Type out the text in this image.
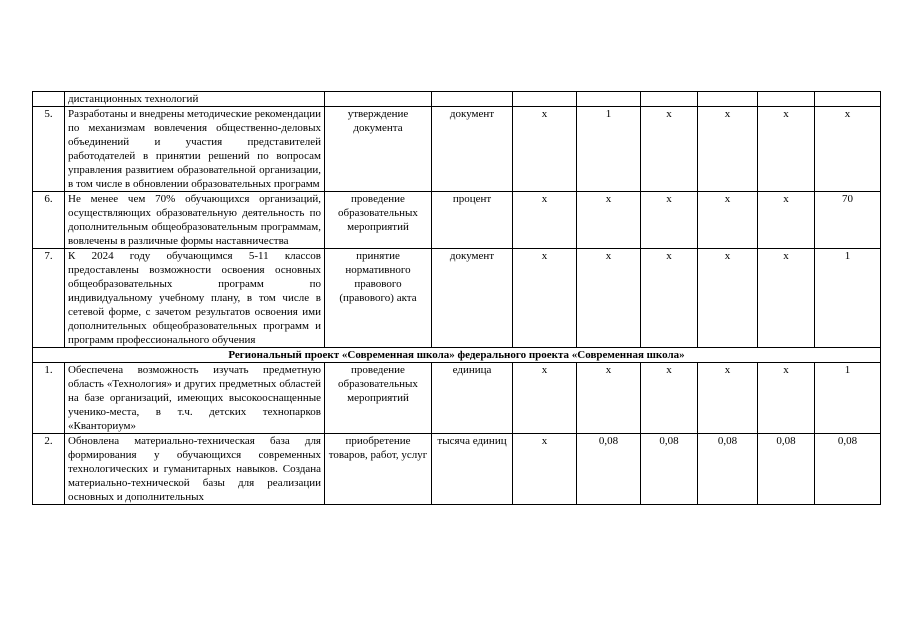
	дистанционных технологий								
5.	Разработаны и внедрены методические рекомендации по механизмам вовлечения общественно-деловых объединений и участия представителей работодателей в принятии решений по вопросам управления развитием образовательной организации, в том числе в обновлении образовательных программ	утверждение документа	документ	x	1	x	x	x	x
6.	Не менее чем 70% обучающихся организаций, осуществляющих образовательную деятельность по дополнительным общеобразовательным программам, вовлечены в различные формы наставничества	проведение образовательных мероприятий	процент	x	x	x	x	x	70
7.	К 2024 году обучающимся 5-11 классов предоставлены возможности освоения основных общеобразовательных программ по индивидуальному учебному плану, в том числе в сетевой форме, с зачетом результатов освоения ими дополнительных общеобразовательных программ и программ профессионального обучения	принятие нормативного правового (правового) акта	документ	x	x	x	x	x	1
Региональный проект «Современная школа» федерального проекта «Современная школа»									
1.	Обеспечена возможность изучать предметную область «Технология» и других предметных областей на базе организаций, имеющих высокооснащенные ученико-места, в т.ч. детских технопарков «Кванториум»	проведение образовательных мероприятий	единица	x	x	x	x	x	1
2.	Обновлена материально-техническая база для формирования у обучающихся современных технологических и гуманитарных навыков. Создана материально-технической базы для реализации основных и дополнительных	приобретение товаров, работ, услуг	тысяча единиц	x	0,08	0,08	0,08	0,08	0,08
